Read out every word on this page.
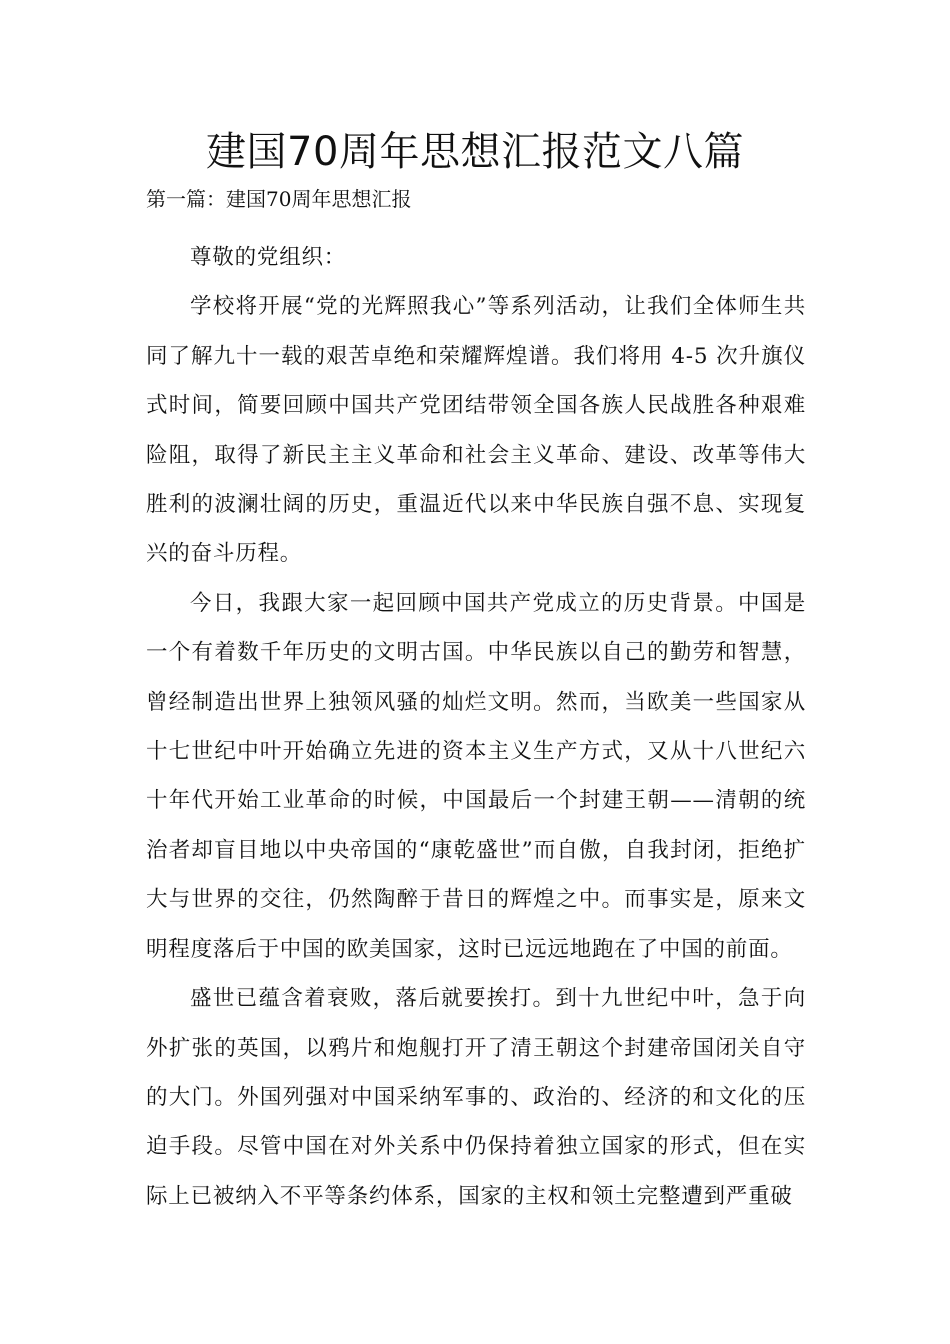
建国70周年思想汇报范文八篇
第一篇：建国70周年思想汇报

尊敬的党组织：

学校将开展“党的光辉照我心”等系列活动，让我们全体师生共同了解九十一载的艰苦卓绝和荣耀辉煌谱。我们将用 4-5 次升旗仪式时间，简要回顾中国共产党团结带领全国各族人民战胜各种艰难险阻，取得了新民主主义革命和社会主义革命、建设、改革等伟大胜利的波澜壮阔的历史，重温近代以来中华民族自强不息、实现复兴的奋斗历程。

今日，我跟大家一起回顾中国共产党成立的历史背景。中国是一个有着数千年历史的文明古国。中华民族以自己的勤劳和智慧，曾经制造出世界上独领风骚的灿烂文明。然而，当欧美一些国家从十七世纪中叶开始确立先进的资本主义生产方式，又从十八世纪六十年代开始工业革命的时候，中国最后一个封建王朝——清朝的统治者却盲目地以中央帝国的“康乾盛世”而自傲，自我封闭，拒绝扩大与世界的交往，仍然陶醉于昔日的辉煌之中。而事实是，原来文明程度落后于中国的欧美国家，这时已远远地跑在了中国的前面。

盛世已蕴含着衰败，落后就要挨打。到十九世纪中叶，急于向外扩张的英国，以鸦片和炮舰打开了清王朝这个封建帝国闭关自守的大门。外国列强对中国采纳军事的、政治的、经济的和文化的压迫手段。尽管中国在对外关系中仍保持着独立国家的形式，但在实际上已被纳入不平等条约体系，国家的主权和领土完整遭到严重破
